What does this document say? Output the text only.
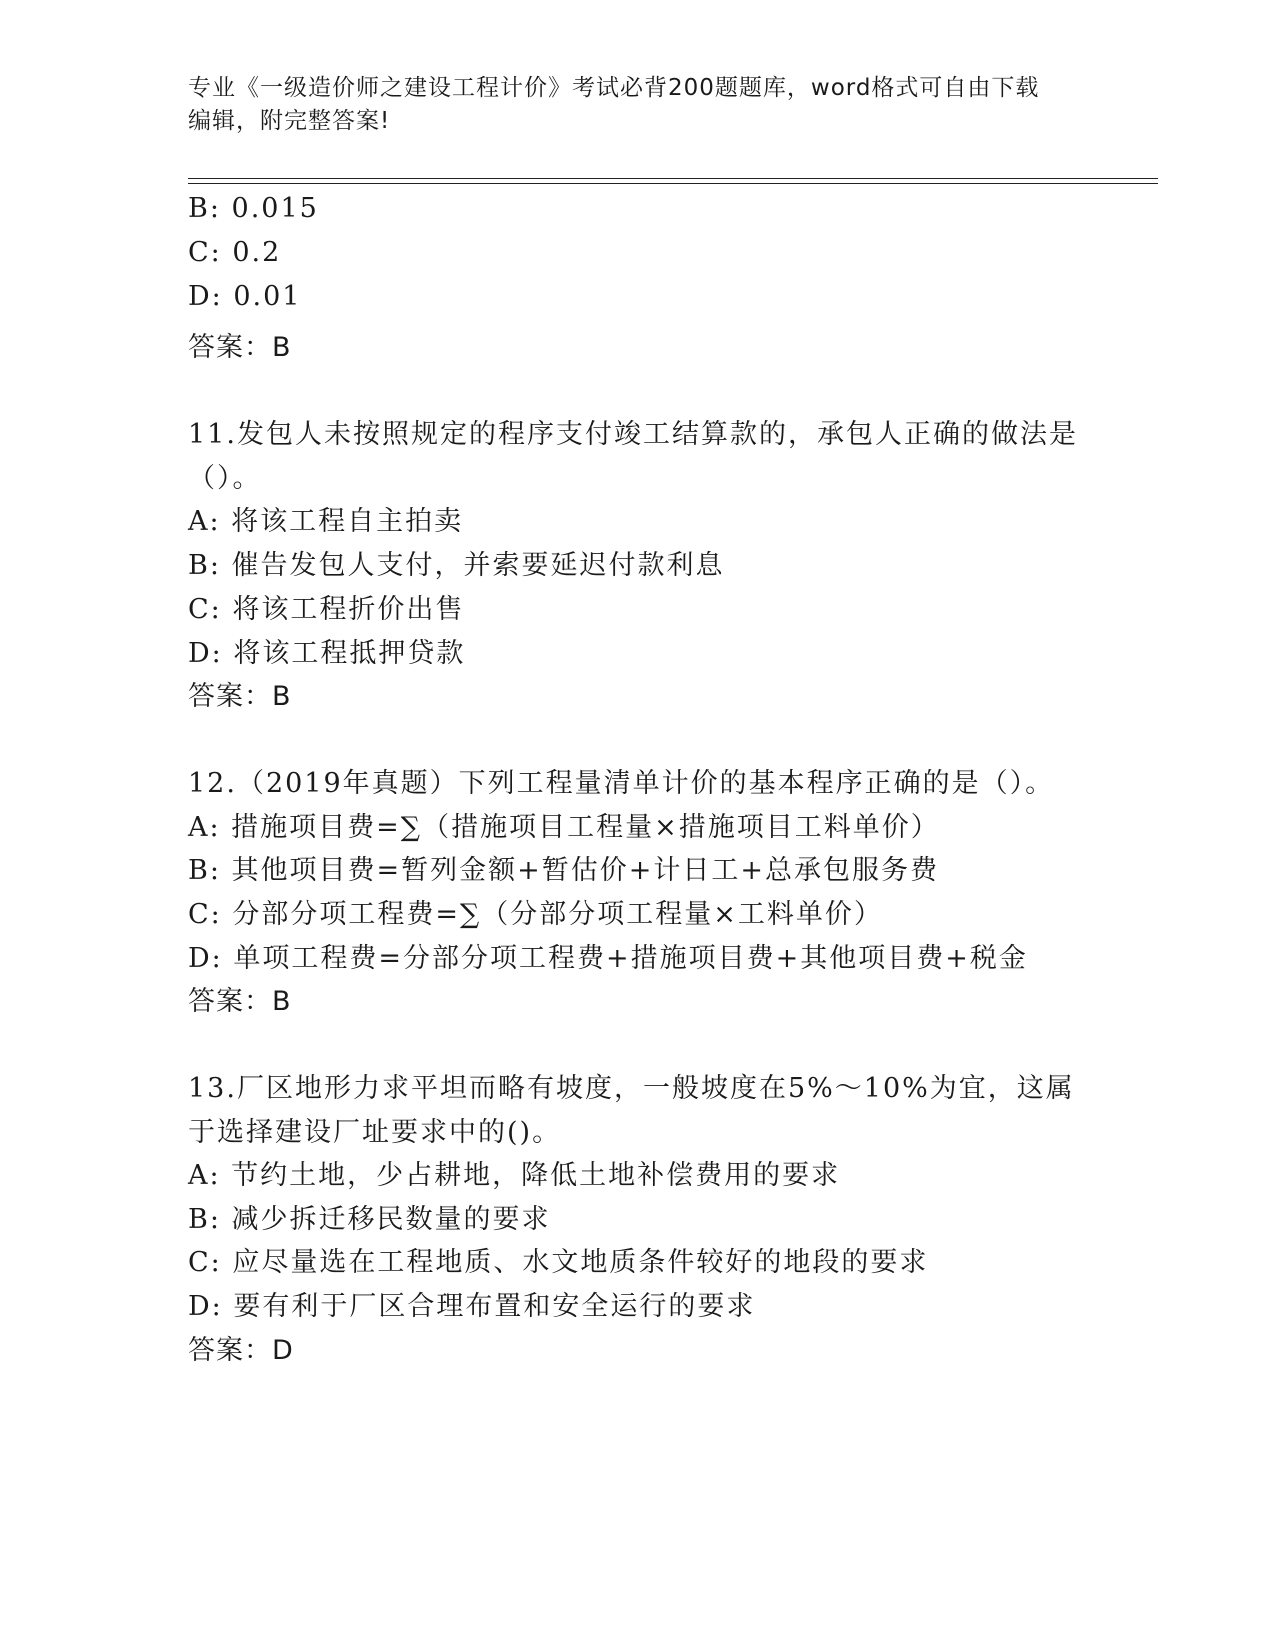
专业《一级造价师之建设工程计价》考试必背200题题库，word格式可自由下载
编辑，附完整答案!
B: 0.015
C: 0.2
D: 0.01
答案：B
11.发包人未按照规定的程序支付竣工结算款的，承包人正确的做法是
（）。
A: 将该工程自主拍卖
B: 催告发包人支付，并索要延迟付款利息
C: 将该工程折价出售
D: 将该工程抵押贷款
答案：B
12.（2019年真题）下列工程量清单计价的基本程序正确的是（）。
A: 措施项目费=∑（措施项目工程量×措施项目工料单价）
B: 其他项目费=暂列金额+暂估价+计日工+总承包服务费
C: 分部分项工程费=∑（分部分项工程量×工料单价）
D: 单项工程费=分部分项工程费+措施项目费+其他项目费+税金
答案：B
13.厂区地形力求平坦而略有坡度，一般坡度在5%～10%为宜，这属
于选择建设厂址要求中的()。
A: 节约土地，少占耕地，降低土地补偿费用的要求
B: 减少拆迁移民数量的要求
C: 应尽量选在工程地质、水文地质条件较好的地段的要求
D: 要有利于厂区合理布置和安全运行的要求
答案：D
